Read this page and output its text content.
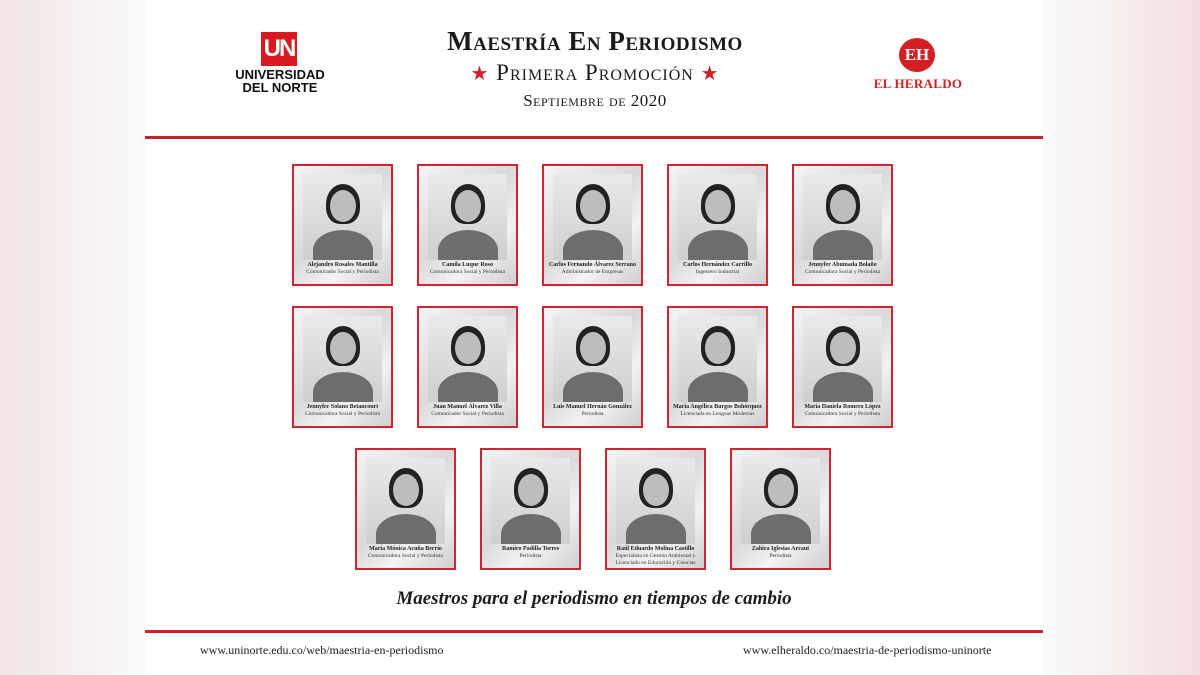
UN
UNIVERSIDAD
DEL NORTE
Maestría En Periodismo
★ Primera Promoción ★
Septiembre de 2020
EH
EL HERALDO
Alejandro Rosales Mantilla
Comunicador Social y Periodista
Camila Luque Roso
Comunicadora Social y Periodista
Carlos Fernando Álvarez Serrano
Administrador de Empresas
Carlos Hernández Carrillo
Ingeniero Industrial
Jennyfer Abumada Bolaño
Comunicadora Social y Periodista
Jennyfer Solano Betancourt
Comunicadora Social y Periodista
Juan Manuel Álvarez Villa
Comunicador Social y Periodista
Luis Manuel Hernán González
Periodista
María Angélica Burgos Bohórquez
Licenciada en Lenguas Modernas
María Daniela Romero López
Comunicadora Social y Periodista
María Mónica Acuña Berrío
Comunicadora Social y Periodista
Ramiro Padilla Torres
Periodista
Raúl Eduardo Molina Castillo
Especialista en Gestión Ambiental y Licenciado en Educación y Ciencias
Zahira Iglesias Arraut
Periodista
Maestros para el periodismo en tiempos de cambio
www.uninorte.edu.co/web/maestria-en-periodismo	www.elheraldo.co/maestria-de-periodismo-uninorte
